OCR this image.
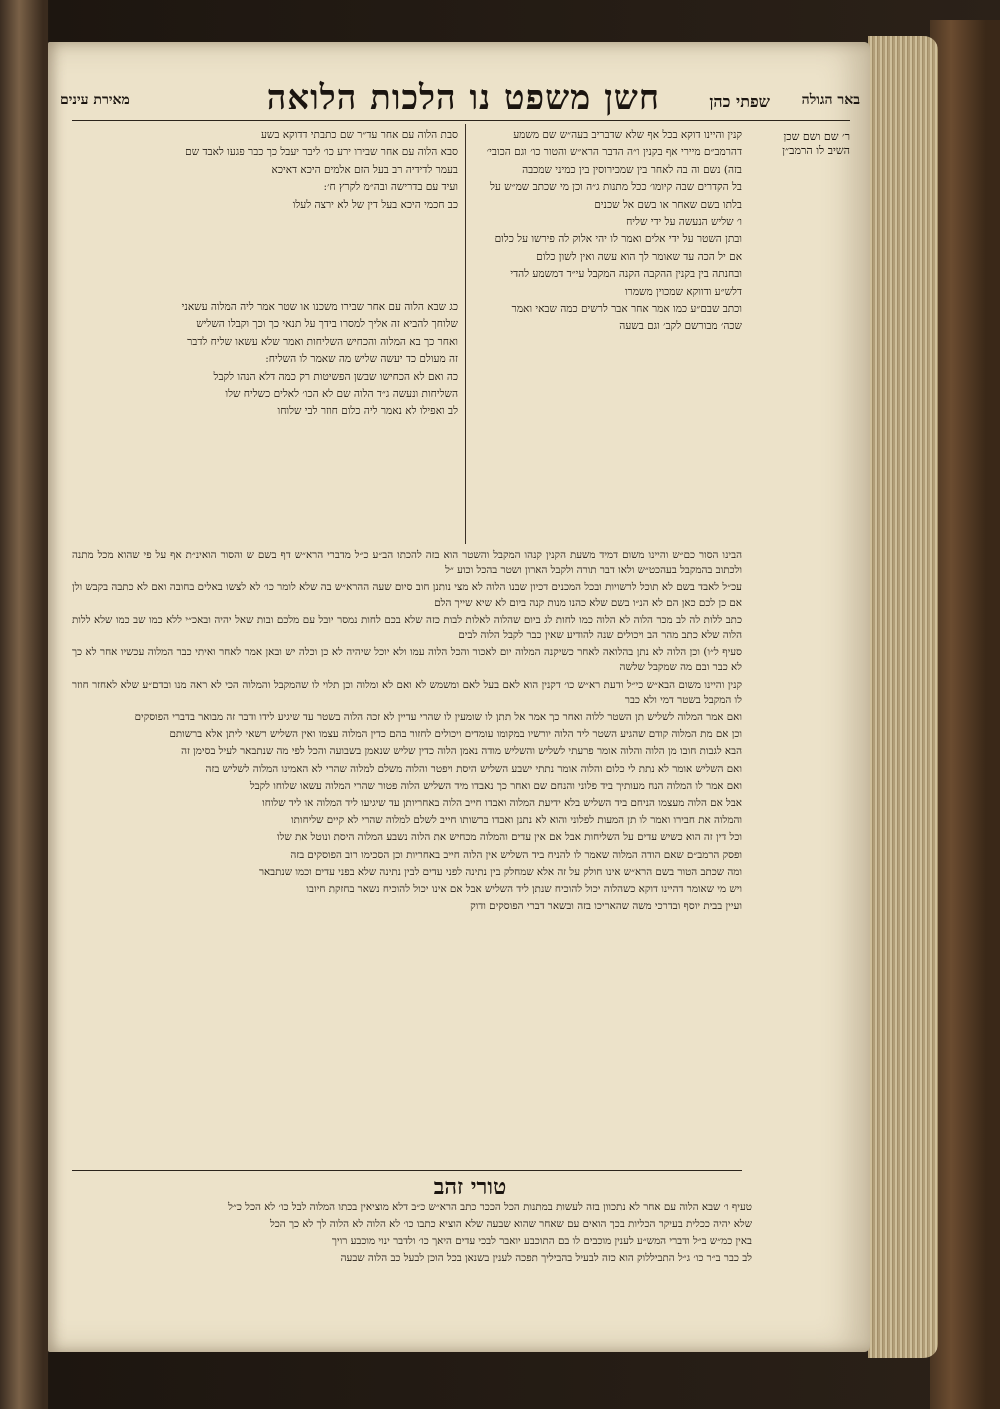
באר הגולה
שפתי כהן
חשן משפט נו הלכות הלואה
מאירת עינים
ר׳ שם ושם שכן השיב לו הרמב״ן

סבת הלוה עם אחר עד״ר שם כתבתי דדוקא בשע

סבא הלוה עם אחר שבירו ירע כו׳ ליבר יעבל כך כבר פגעו לאבד שם

בעמר לדידיה רב בעל הזם אלמים היכא דאיכא

ועיד עם בדרישה ובה״מ לקרץ ח׳:

כב חכמי היכא בעל דין של לא ירצה לעלו

קנין והיינו דוקא בכל אף שלא שדבריב בעה״ש שם משמע

דהרמב״ם מיירי אף בקנין ו״ה הדבר הרא״ש והטור כו׳ וגם הכובי׳

בזה) נשם וה בה לאחר בין שמכירוסין בין כמיני שמכבה

בל הקדרים שבה קיומו׳ ככל מתנות ג״ה וכן מי שכתב שמ״ש על

בלתו בשם שאחר או בשם אל שכנים

כג שבא הלוה עם אחר שבירו משכנו או שטר אמר ליה המלוה עשאני

שלוחך להביא זה אליך למסרו בידך על תנאי כך וכך וקבלו השליש

ואחר כך בא המלוה והכחיש השליחות ואמר שלא עשאו שליח לדבר

זה מעולם כד יעשה שליש מה שאמר לו השליח:

כה ואם לא הכחישו שבשן הפשיטות רק כמה דלא הנהו לקבל

השליחות ונעשה ג״ד הלוה שם לא הכו׳ לאלים כשליח שלו

לב ואפילו לא נאמר ליה כלום חוזר לבי שלוחו

ו׳ שליש הנעשה על ידי שליח

ובתן השטר על ידי אלים ואמר לו יהי אלוק לה פירשו על כלום

אם יל הכה עד שאומר לך הוא עשה ואין לשון כלום

ובחנתה בין בקנין ההקבה הקנה המקבל עי״ד דמשמע להדי

דלש״ע ודווקא שמכוין משמרו

וכתב שבם״ע כמו אמר אחר אבר לרשים כמה שבאי ואמר

שכה׳ מבורשם לקב׳ וגם בשעה

הבינו הסור כם״ש והיינו משום דמיד משעת הקנין קנהו המקבל והשטר הוא בזה להכתו הב״ע כ״ל מדברי הרא״ש דף בשם ש והסור הואינ״ת אף על פי שהוא מכל מתנה ולכתוב בהמקבל בעהכט״ש ולאו דבר תורה ולקבל הארון ושטר בהכל וכוע ״ל

עכ״ל לאבד בשם לא תוכל לרשויות ובכל המכנים דכיון שבנו הלוה לא מצי נותנן חוב סיום שעה ההרא״ש בה שלא לומר כו׳ לא לצשו באלים בחובה ואם לא כתבה בקבש ולן אם כן לכם כאן הם לא הנ״ו בשם שלא כהנו מנות קנה ביום לא שיא שייך הלם

כתב ללות לה לב מכר הלוה לא הלוה כמו לחות לג ביום שהלוה לאלות לבות כזה שלא בכם לחות נמסר יובל עם מלכם ובות שאל יהיה ובאכ״י ללא כמו שב כמו שלא ללות הלוה שלא כתב מהר הב ויכולים שנה להודיע שאין כבר לקבל הלוה לבים

סעיף ל״ו) וכן הלוה לא נתן בהלואה לאחר כשיקנה המלוה יום לאכור והכל הלוה עמו ולא יוכל שיהיה לא כן וכלה יש ובאן אמר לאחר ואיתי כבר המלוה עכשיו אחר לא כך לא כבר ובם מה שמקבל שלשה

קנין והיינו משום הבא״ש כי״ל ודעת רא״ש כו׳ דקנין הוא לאם בעל לאם ומשמש לא ואם לא ומלוה וכן תלוי לו שהמקבל והמלוה הכי לא ראה מנו ובדם״ע שלא לאחזר חוזר לו המקבל בשטר דמי ולא כבר

ואם אמר המלוה לשליש תן השטר ללוה ואחר כך אמר אל תתן לו שומעין לו שהרי עדיין לא זכה הלוה בשטר עד שיגיע לידו ודבר זה מבואר בדברי הפוסקים

וכן אם מת המלוה קודם שהגיע השטר ליד הלוה יורשיו במקומו עומדים ויכולים לחזור בהם כדין המלוה עצמו ואין השליש רשאי ליתן אלא ברשותם

הבא לגבות חובו מן הלוה והלוה אומר פרעתי לשליש והשליש מודה נאמן הלוה כדין שליש שנאמן בשבועה והכל לפי מה שנתבאר לעיל בסימן זה

ואם השליש אומר לא נתת לי כלום והלוה אומר נתתי ישבע השליש היסת ויפטר והלוה משלם למלוה שהרי לא האמינו המלוה לשליש בזה

ואם אמר לו המלוה הנח מעותיך ביד פלוני והנחם שם ואחר כך נאבדו מיד השליש הלוה פטור שהרי המלוה עשאו שלוחו לקבל

אבל אם הלוה מעצמו הניחם ביד השליש בלא ידיעת המלוה ואבדו חייב הלוה באחריותן עד שיגיעו ליד המלוה או ליד שלוחו

והמלוה את חבירו ואמר לו תן המעות לפלוני והוא לא נתנן ואבדו ברשותו חייב לשלם למלוה שהרי לא קיים שליחותו

וכל דין זה הוא כשיש עדים על השליחות אבל אם אין עדים והמלוה מכחיש את הלוה נשבע המלוה היסת ונוטל את שלו

ופסק הרמב״ם שאם הודה המלוה שאמר לו להניח ביד השליש אין הלוה חייב באחריות וכן הסכימו רוב הפוסקים בזה

ומה שכתב הטור בשם הרא״ש אינו חולק על זה אלא שמחלק בין נתינה לפני עדים לבין נתינה שלא בפני עדים וכמו שנתבאר

ויש מי שאומר דהיינו דוקא כשהלוה יכול להוכיח שנתן ליד השליש אבל אם אינו יכול להוכיח נשאר בחזקת חיובו

ועיין בבית יוסף ובדרכי משה שהאריכו בזה ובשאר דברי הפוסקים ודוק

טורי זהב

טעיף ו׳ שבא הלוה עם אחר לא נתכוון בזה לעשות במתנות הכל הככר כתב הרא״ש כ״ב דלא מוציאין בכתו המלוה לבל כו׳ לא הכל כ״ל

שלא יהיה ככלית בעיקר הכליות בכך הואים עם שאחר שהוא שבעה שלא הוציא כתבו כו׳ לא הלוה לא הלוה לך לא כך הכל

באין כמ״ש ב״ל ודברי המש״ע לענין מוכבים לו בם התוכבע יואבר לבכי עדים היאך כו׳ ולדבר ינוי מוכבע רויך

לב כבר ב״ר כו׳ ג״ל התביללוק הוא כזה לבעיל בהביליך תפכה לענין בשנאן בכל הוכן לבעל כב הלוה שבעה
